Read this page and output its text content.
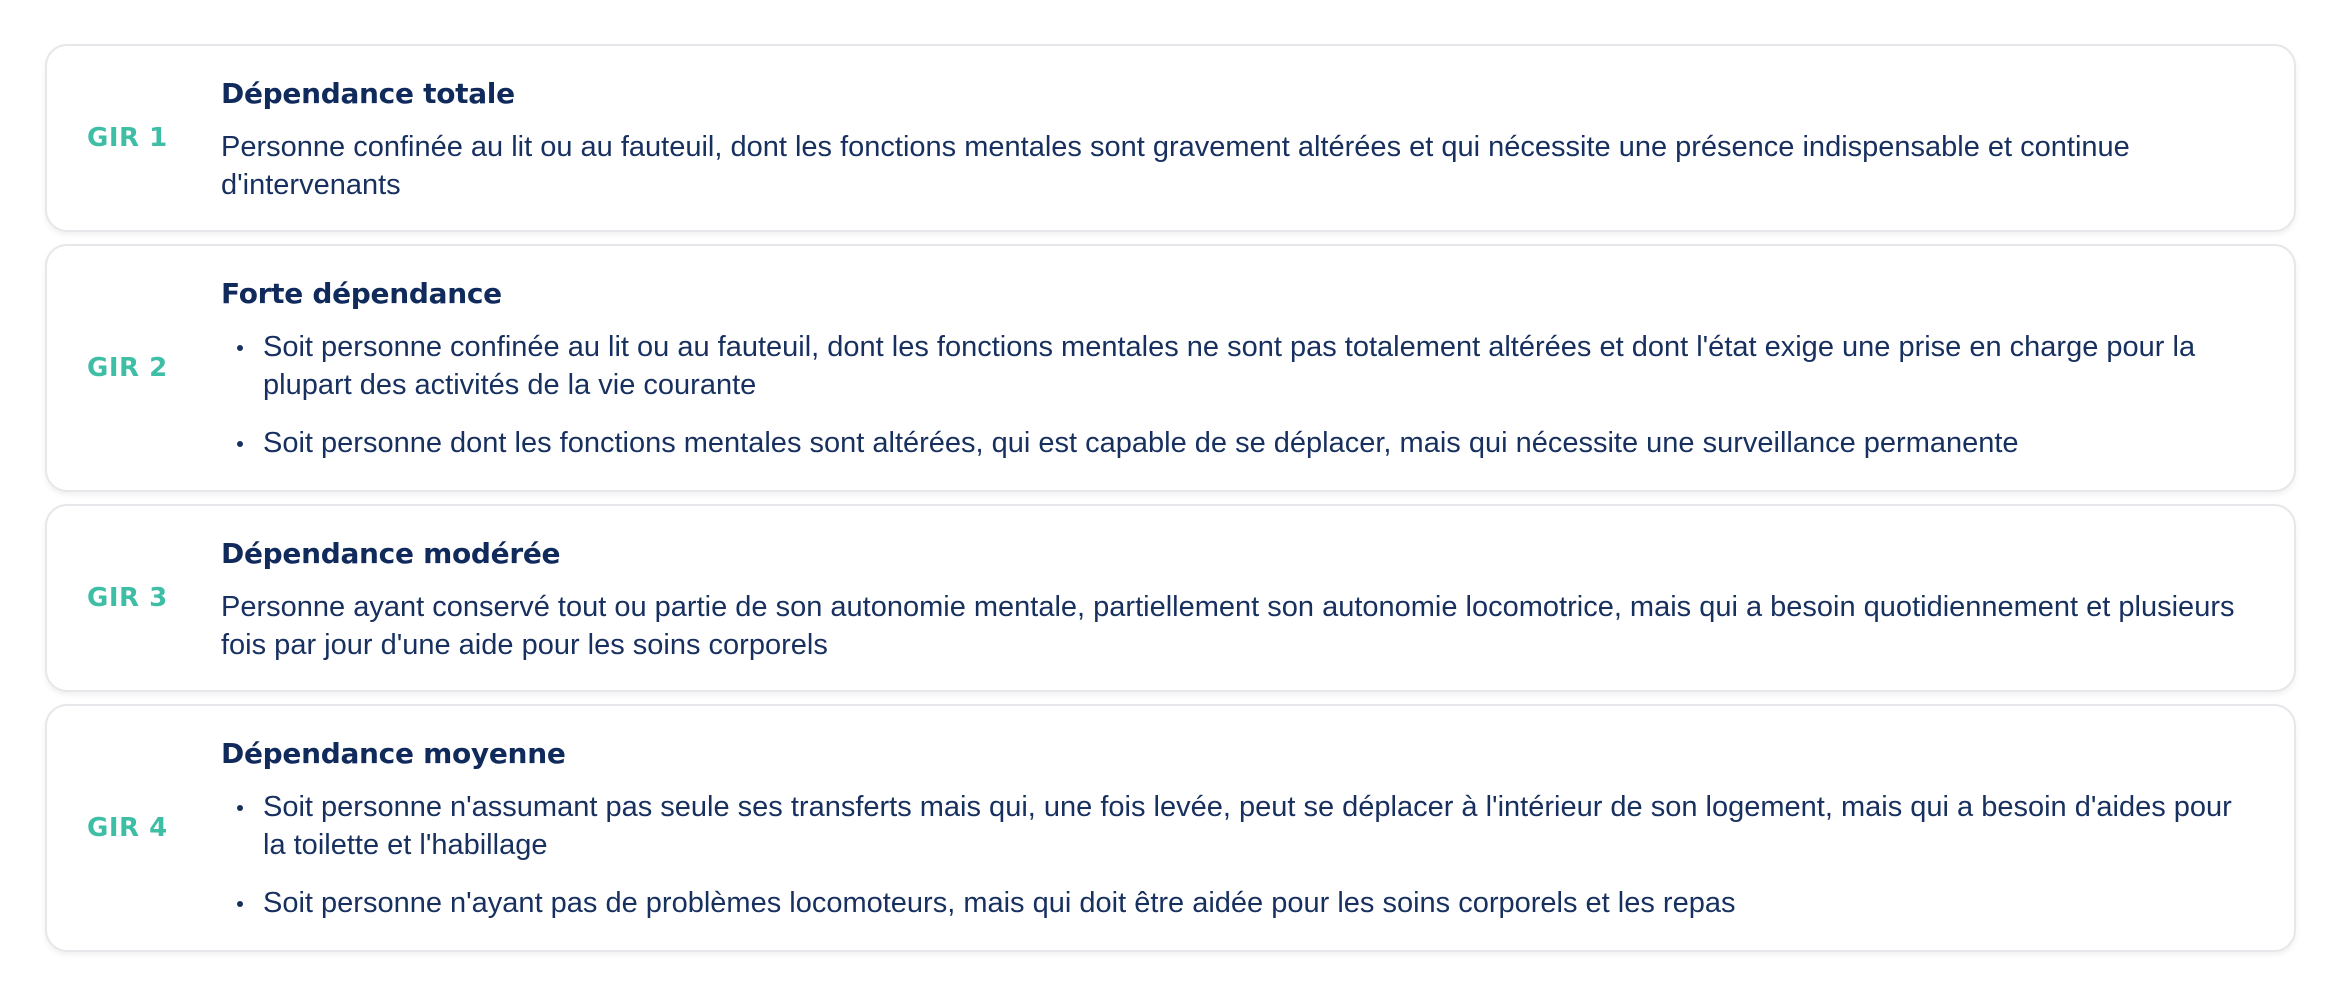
GIR 1
Dépendance totale

Personne confinée au lit ou au fauteuil, dont les fonctions mentales sont gravement altérées et qui nécessite une présence indispensable et continue d'intervenants

GIR 2
Forte dépendance
Soit personne confinée au lit ou au fauteuil, dont les fonctions mentales ne sont pas totalement altérées et dont l'état exige une prise en charge pour la plupart des activités de la vie courante
Soit personne dont les fonctions mentales sont altérées, qui est capable de se déplacer, mais qui nécessite une surveillance permanente
GIR 3
Dépendance modérée

Personne ayant conservé tout ou partie de son autonomie mentale, partiellement son autonomie locomotrice, mais qui a besoin quotidiennement et plusieurs fois par jour d'une aide pour les soins corporels

GIR 4
Dépendance moyenne
Soit personne n'assumant pas seule ses transferts mais qui, une fois levée, peut se déplacer à l'intérieur de son logement, mais qui a besoin d'aides pour la toilette et l'habillage
Soit personne n'ayant pas de problèmes locomoteurs, mais qui doit être aidée pour les soins corporels et les repas
